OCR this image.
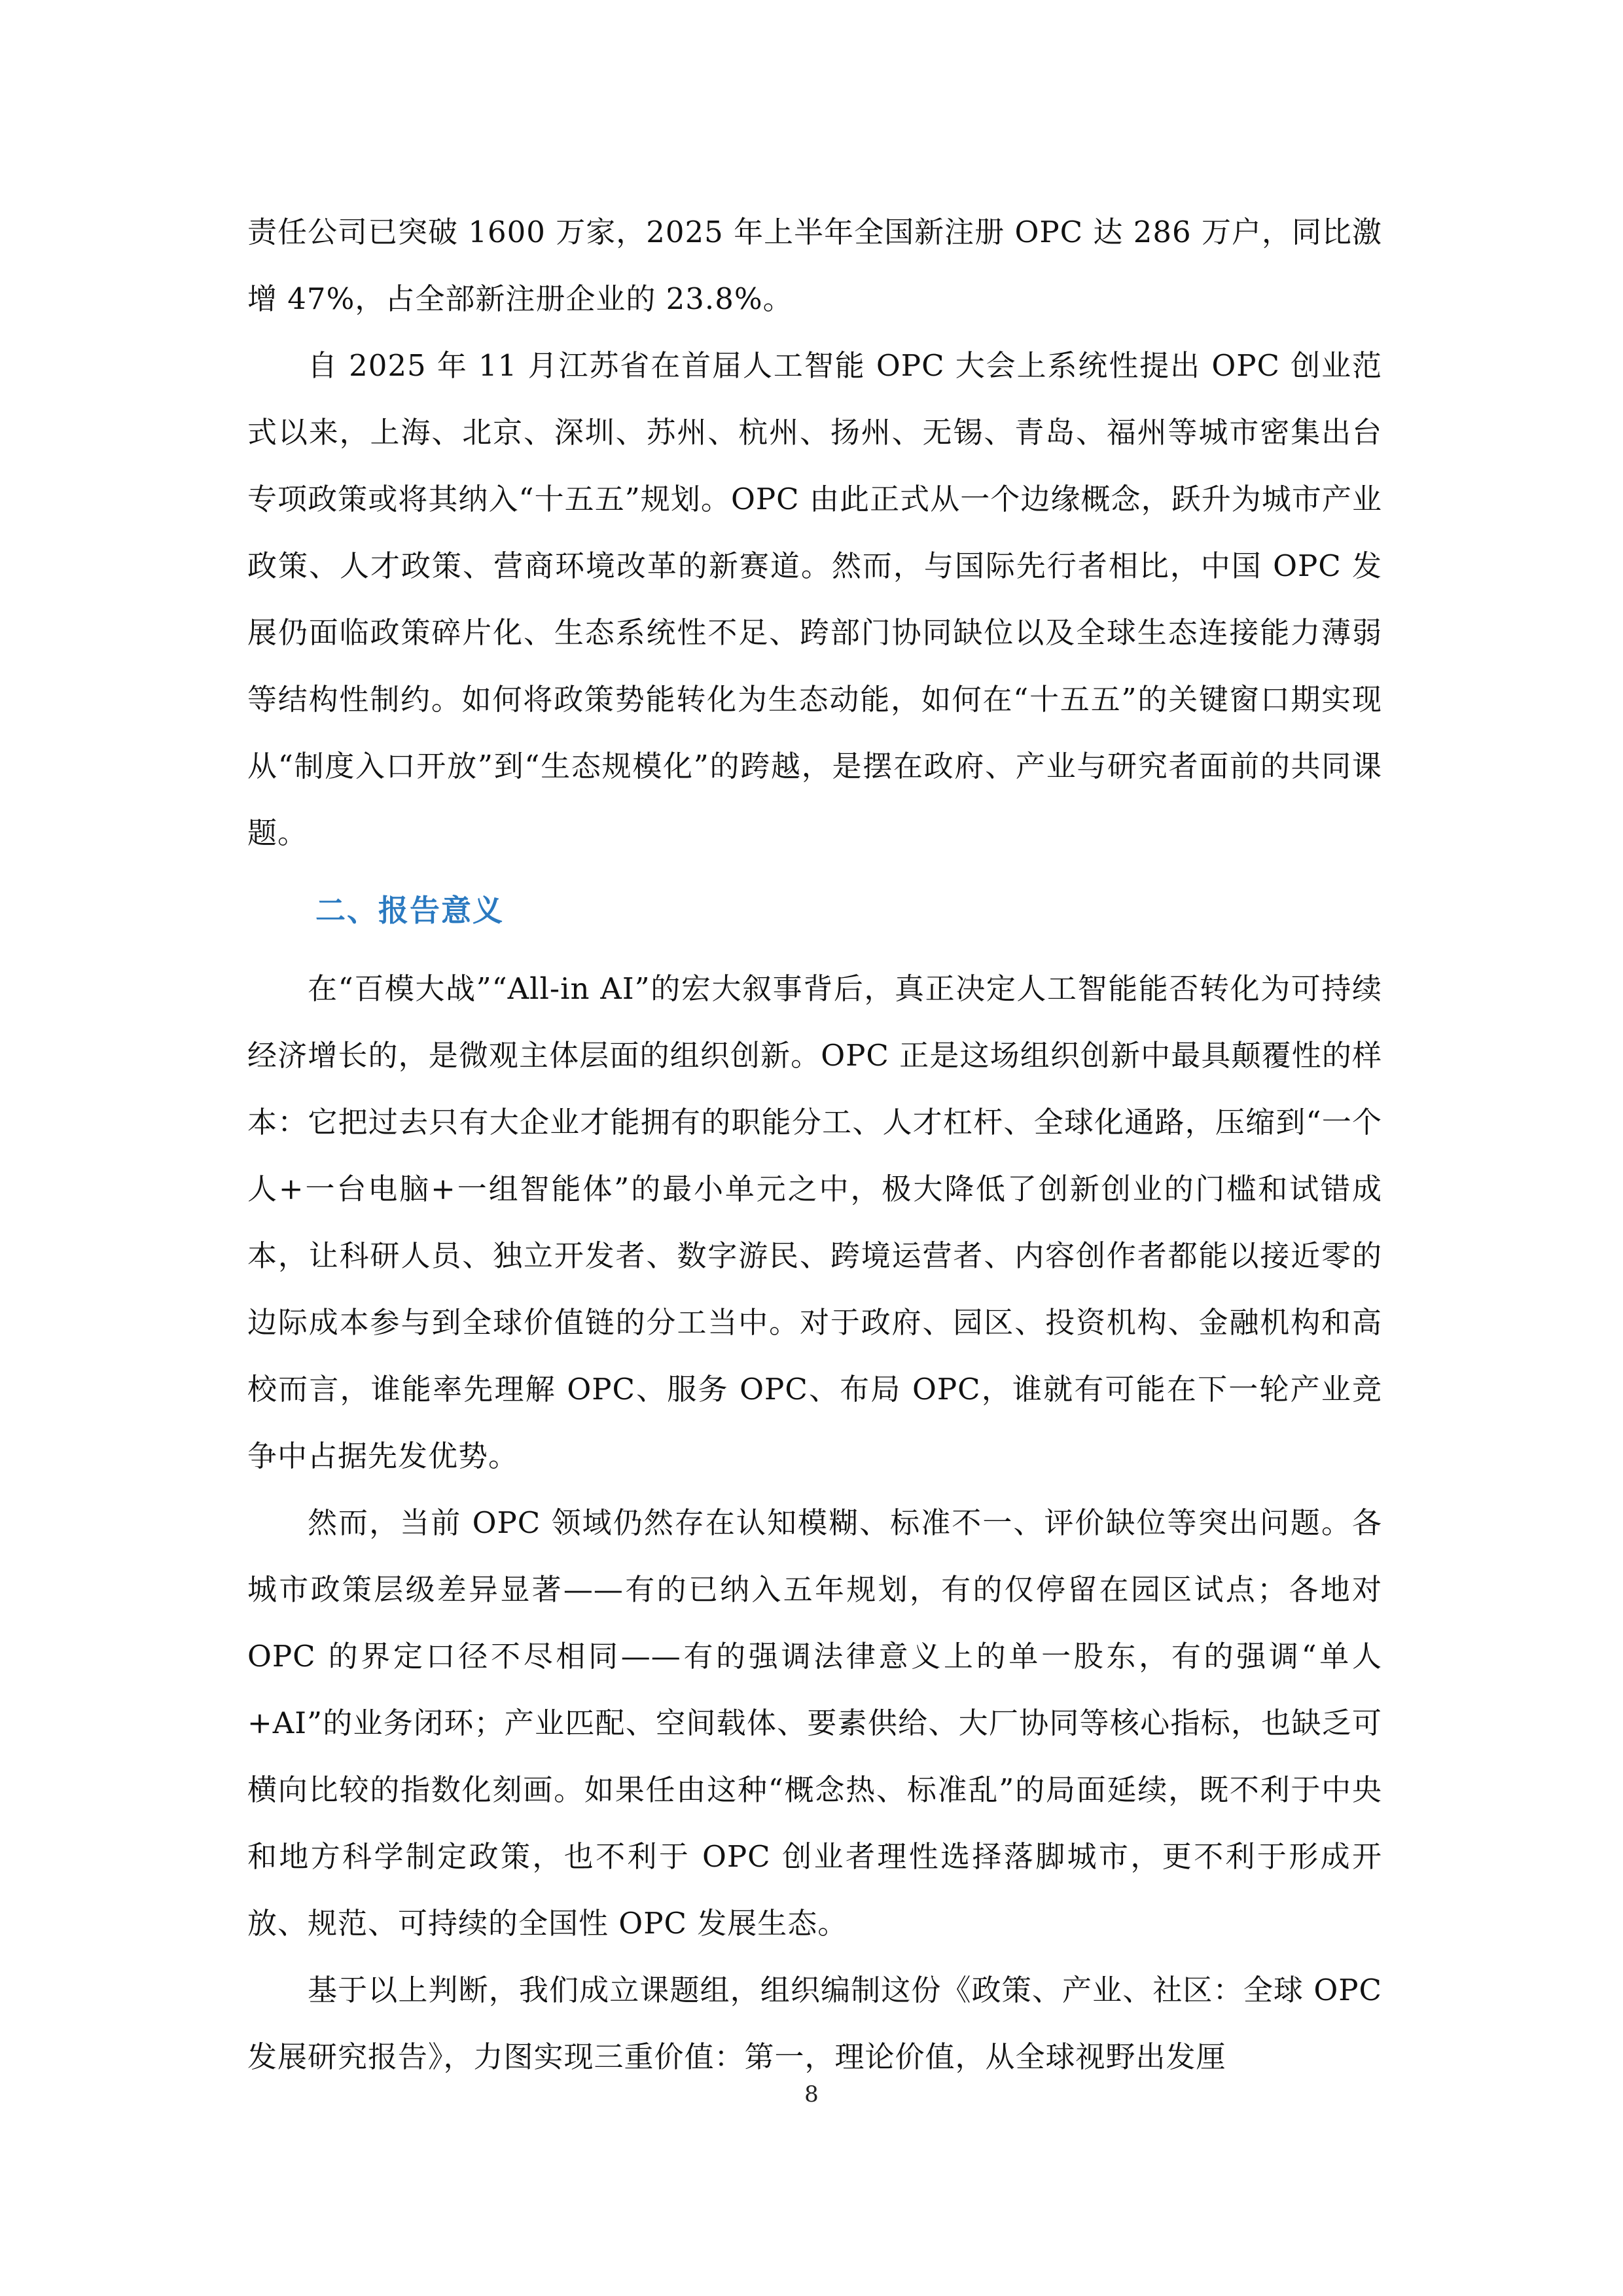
责任公司已突破 1600 万家，2025 年上半年全国新注册 OPC 达 286 万户，同比激增 47%，占全部新注册企业的 23.8%。

自 2025 年 11 月江苏省在首届人工智能 OPC 大会上系统性提出 OPC 创业范式以来，上海、北京、深圳、苏州、杭州、扬州、无锡、青岛、福州等城市密集出台专项政策或将其纳入“十五五”规划。OPC 由此正式从一个边缘概念，跃升为城市产业政策、人才政策、营商环境改革的新赛道。然而，与国际先行者相比，中国 OPC 发展仍面临政策碎片化、生态系统性不足、跨部门协同缺位以及全球生态连接能力薄弱等结构性制约。如何将政策势能转化为生态动能，如何在“十五五”的关键窗口期实现从“制度入口开放”到“生态规模化”的跨越，是摆在政府、产业与研究者面前的共同课题。

二、报告意义

在“百模大战”“All-in AI”的宏大叙事背后，真正决定人工智能能否转化为可持续经济增长的，是微观主体层面的组织创新。OPC 正是这场组织创新中最具颠覆性的样本：它把过去只有大企业才能拥有的职能分工、人才杠杆、全球化通路，压缩到“一个人+一台电脑+一组智能体”的最小单元之中，极大降低了创新创业的门槛和试错成本，让科研人员、独立开发者、数字游民、跨境运营者、内容创作者都能以接近零的边际成本参与到全球价值链的分工当中。对于政府、园区、投资机构、金融机构和高校而言，谁能率先理解 OPC、服务 OPC、布局 OPC，谁就有可能在下一轮产业竞争中占据先发优势。

然而，当前 OPC 领域仍然存在认知模糊、标准不一、评价缺位等突出问题。各城市政策层级差异显著——有的已纳入五年规划，有的仅停留在园区试点；各地对 OPC 的界定口径不尽相同——有的强调法律意义上的单一股东，有的强调“单人+AI”的业务闭环；产业匹配、空间载体、要素供给、大厂协同等核心指标，也缺乏可横向比较的指数化刻画。如果任由这种“概念热、标准乱”的局面延续，既不利于中央和地方科学制定政策，也不利于 OPC 创业者理性选择落脚城市，更不利于形成开放、规范、可持续的全国性 OPC 发展生态。

基于以上判断，我们成立课题组，组织编制这份《政策、产业、社区：全球 OPC 发展研究报告》，力图实现三重价值：第一，理论价值，从全球视野出发厘

8
